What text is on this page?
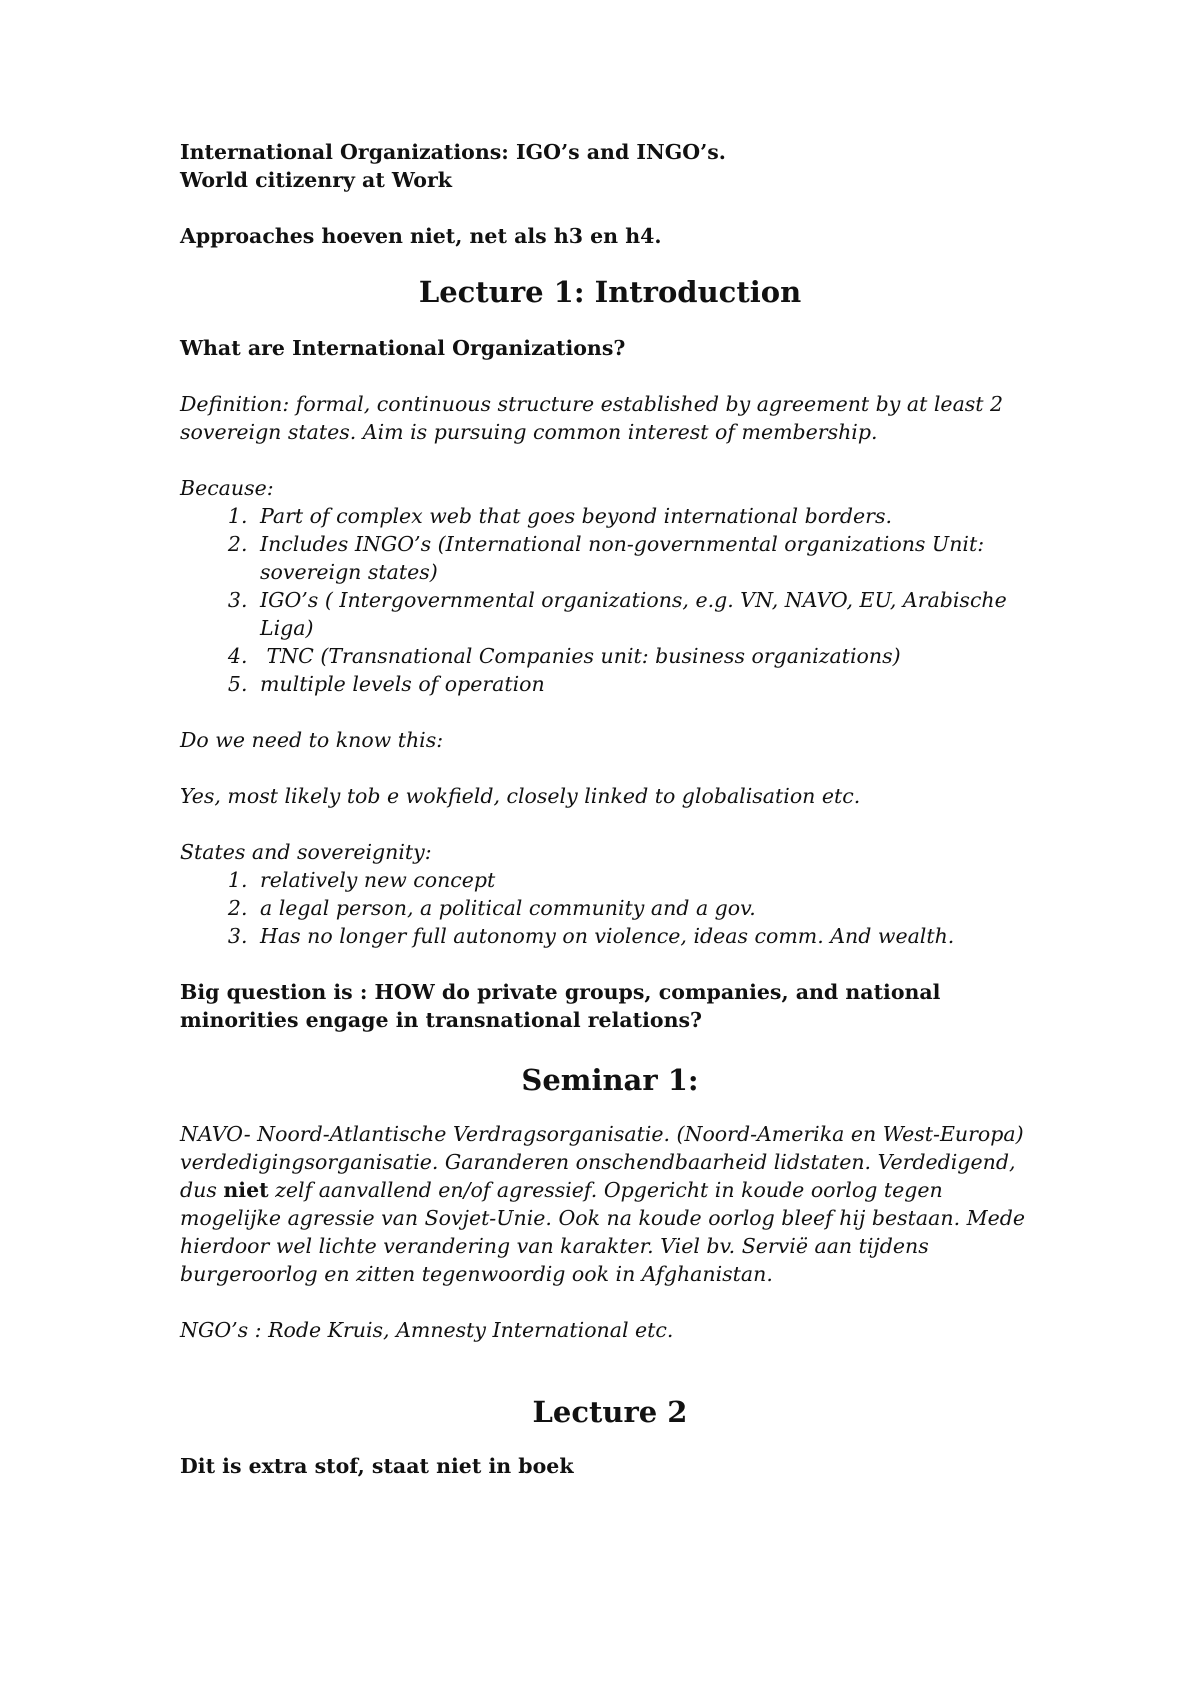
International Organizations: IGO’s and INGO’s.

World citizenry at Work

Approaches hoeven niet, net als h3 en h4.

Lecture 1: Introduction

What are International Organizations?

Definition: formal, continuous structure established by agreement by at least 2 sovereign states. Aim is pursuing common interest of membership.

Because:

1. Part of complex web that goes beyond international borders.
2. Includes INGO’s (International non-governmental organizations Unit: sovereign states)
3. IGO’s ( Intergovernmental organizations, e.g. VN, NAVO, EU, Arabische Liga)
4.  TNC (Transnational Companies unit: business organizations)
5. multiple levels of operation

Do we need to know this:

Yes, most likely tob e wokfield, closely linked to globalisation etc.

States and sovereignity:

1. relatively new concept
2. a legal person, a political community and a gov.
3. Has no longer full autonomy on violence, ideas comm. And wealth.

Big question is : HOW do private groups, companies, and national minorities engage in transnational relations?

Seminar 1:

NAVO- Noord-Atlantische Verdragsorganisatie. (Noord-Amerika en West-Europa) verdedigingsorganisatie. Garanderen onschendbaarheid lidstaten. Verdedigend, dus niet zelf aanvallend en/of agressief. Opgericht in koude oorlog tegen mogelijke agressie van Sovjet-Unie. Ook na koude oorlog bleef hij bestaan. Mede hierdoor wel lichte verandering van karakter. Viel bv. Servië aan tijdens burgeroorlog en zitten tegenwoordig ook in Afghanistan.

NGO’s : Rode Kruis, Amnesty International etc.

Lecture 2

Dit is extra stof, staat niet in boek
